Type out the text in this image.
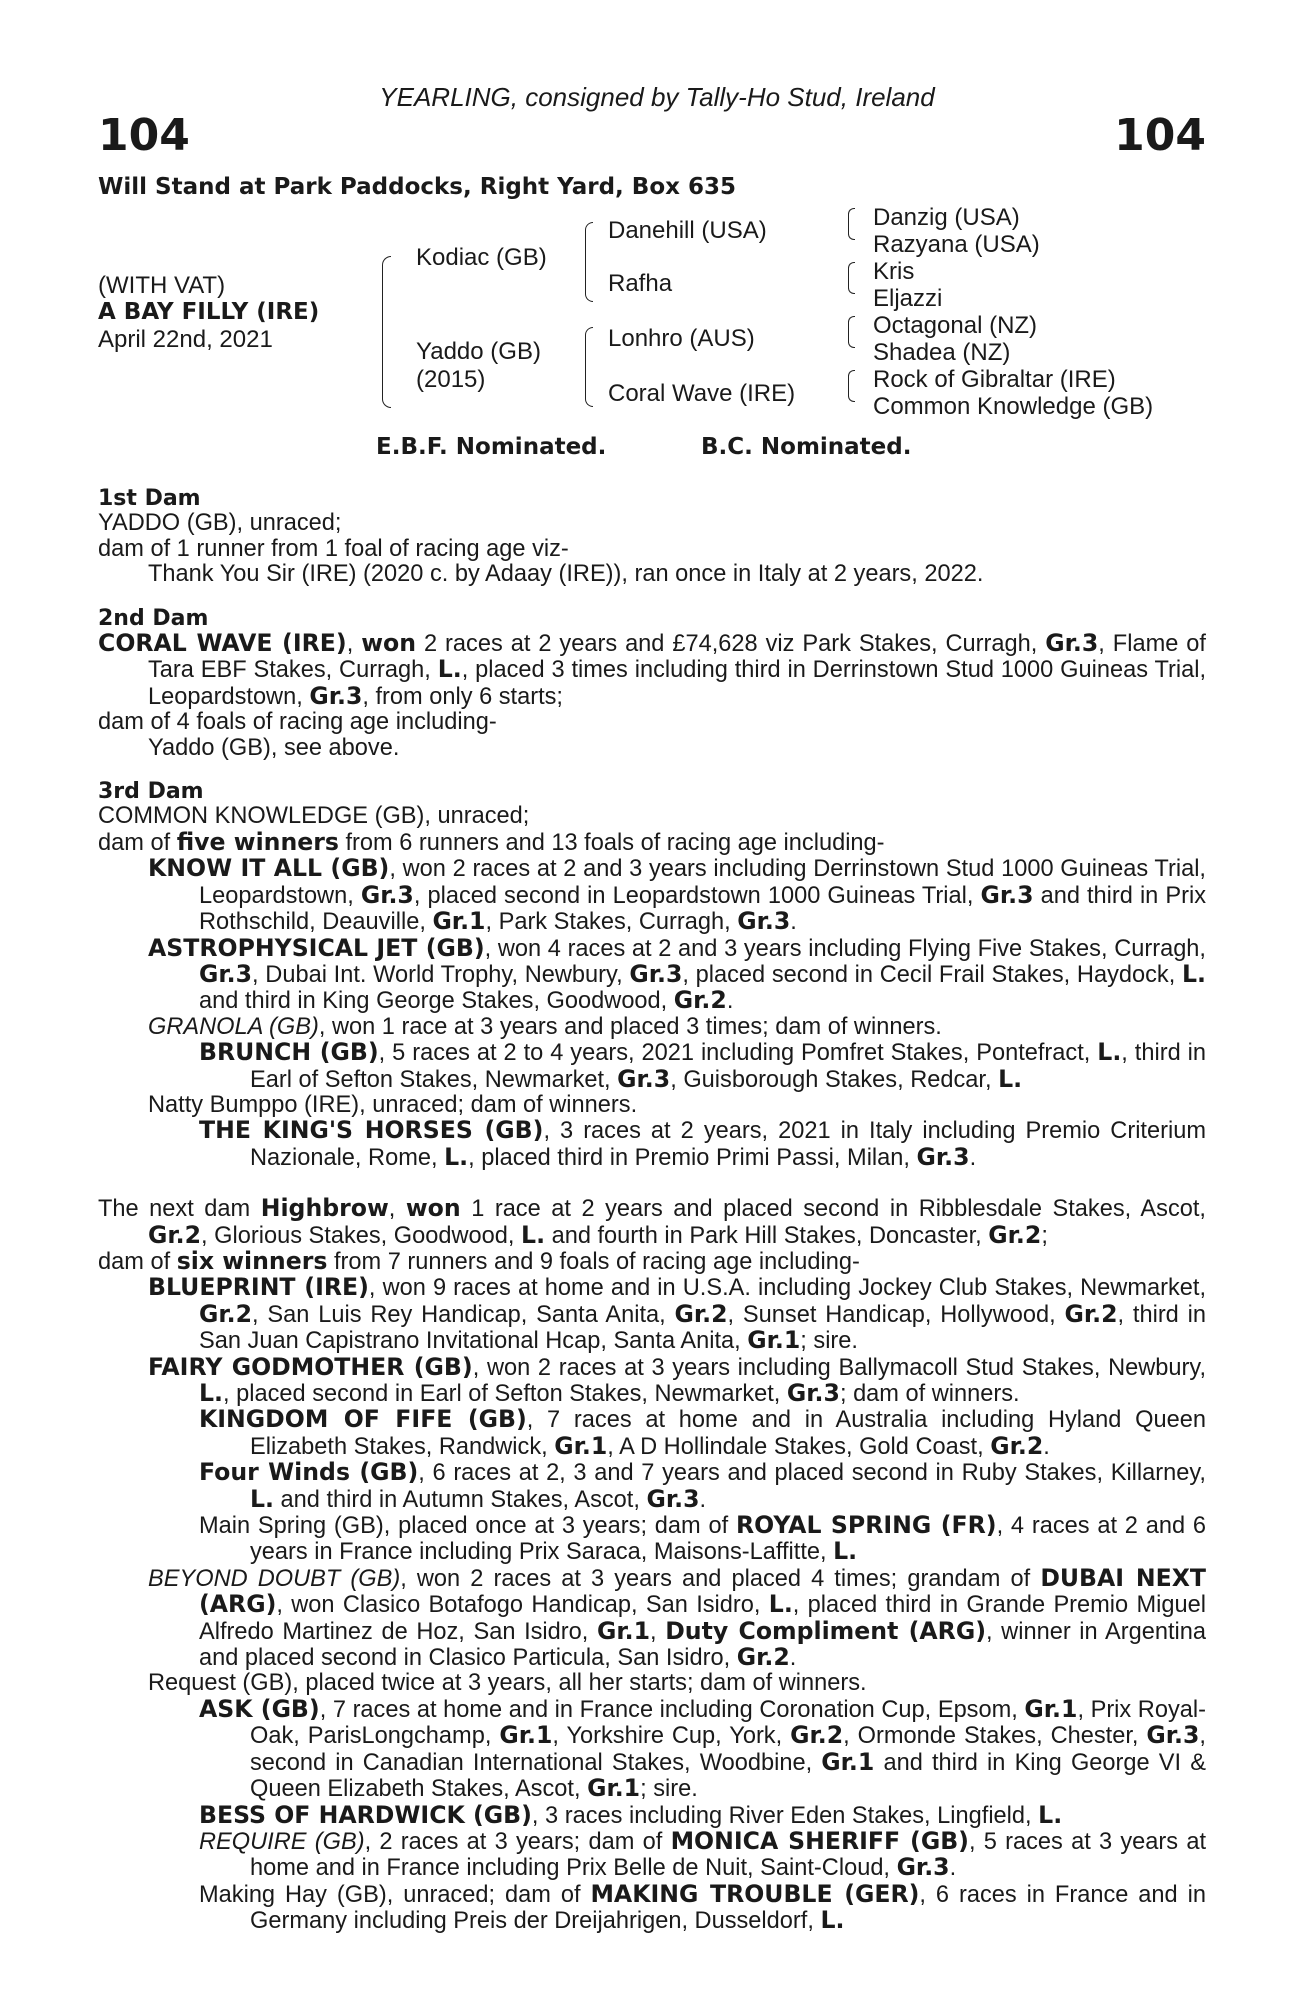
YEARLING, consigned by Tally-Ho Stud, Ireland
104	104
Will Stand at Park Paddocks, Right Yard, Box 635
(WITH VAT)
A BAY FILLY (IRE)
April 22nd, 2021
Kodiac (GB)
Yaddo (GB)
(2015)
Danehill (USA)
Rafha
Lonhro (AUS)
Coral Wave (IRE)
Danzig (USA)
Razyana (USA)
Kris
Eljazzi
Octagonal (NZ)
Shadea (NZ)
Rock of Gibraltar (IRE)
Common Knowledge (GB)
E.B.F. Nominated.	B.C. Nominated.
1st Dam
YADDO (GB), unraced;
dam of 1 runner from 1 foal of racing age viz-
Thank You Sir (IRE) (2020 c. by Adaay (IRE)), ran once in Italy at 2 years, 2022.
2nd Dam
CORAL WAVE (IRE), won 2 races at 2 years and £74,628 viz Park Stakes, Curragh, Gr.3, Flame of Tara EBF Stakes, Curragh, L., placed 3 times including third in Derrinstown Stud 1000 Guineas Trial, Leopardstown, Gr.3, from only 6 starts;
dam of 4 foals of racing age including-
Yaddo (GB), see above.
3rd Dam
COMMON KNOWLEDGE (GB), unraced;
dam of five winners from 6 runners and 13 foals of racing age including-
KNOW IT ALL (GB), won 2 races at 2 and 3 years including Derrinstown Stud 1000 Guineas Trial, Leopardstown, Gr.3, placed second in Leopardstown 1000 Guineas Trial, Gr.3 and third in Prix Rothschild, Deauville, Gr.1, Park Stakes, Curragh, Gr.3.
ASTROPHYSICAL JET (GB), won 4 races at 2 and 3 years including Flying Five Stakes, Curragh, Gr.3, Dubai Int. World Trophy, Newbury, Gr.3, placed second in Cecil Frail Stakes, Haydock, L. and third in King George Stakes, Goodwood, Gr.2.
GRANOLA (GB), won 1 race at 3 years and placed 3 times; dam of winners.
BRUNCH (GB), 5 races at 2 to 4 years, 2021 including Pomfret Stakes, Pontefract, L., third in Earl of Sefton Stakes, Newmarket, Gr.3, Guisborough Stakes, Redcar, L.
Natty Bumppo (IRE), unraced; dam of winners.
THE KING'S HORSES (GB), 3 races at 2 years, 2021 in Italy including Premio Criterium Nazionale, Rome, L., placed third in Premio Primi Passi, Milan, Gr.3.
The next dam Highbrow, won 1 race at 2 years and placed second in Ribblesdale Stakes, Ascot, Gr.2, Glorious Stakes, Goodwood, L. and fourth in Park Hill Stakes, Doncaster, Gr.2;
dam of six winners from 7 runners and 9 foals of racing age including-
BLUEPRINT (IRE), won 9 races at home and in U.S.A. including Jockey Club Stakes, Newmarket, Gr.2, San Luis Rey Handicap, Santa Anita, Gr.2, Sunset Handicap, Hollywood, Gr.2, third in San Juan Capistrano Invitational Hcap, Santa Anita, Gr.1; sire.
FAIRY GODMOTHER (GB), won 2 races at 3 years including Ballymacoll Stud Stakes, Newbury, L., placed second in Earl of Sefton Stakes, Newmarket, Gr.3; dam of winners.
KINGDOM OF FIFE (GB), 7 races at home and in Australia including Hyland Queen Elizabeth Stakes, Randwick, Gr.1, A D Hollindale Stakes, Gold Coast, Gr.2.
Four Winds (GB), 6 races at 2, 3 and 7 years and placed second in Ruby Stakes, Killarney, L. and third in Autumn Stakes, Ascot, Gr.3.
Main Spring (GB), placed once at 3 years; dam of ROYAL SPRING (FR), 4 races at 2 and 6 years in France including Prix Saraca, Maisons-Laffitte, L.
BEYOND DOUBT (GB), won 2 races at 3 years and placed 4 times; grandam of DUBAI NEXT (ARG), won Clasico Botafogo Handicap, San Isidro, L., placed third in Grande Premio Miguel Alfredo Martinez de Hoz, San Isidro, Gr.1, Duty Compliment (ARG), winner in Argentina and placed second in Clasico Particula, San Isidro, Gr.2.
Request (GB), placed twice at 3 years, all her starts; dam of winners.
ASK (GB), 7 races at home and in France including Coronation Cup, Epsom, Gr.1, Prix Royal-Oak, ParisLongchamp, Gr.1, Yorkshire Cup, York, Gr.2, Ormonde Stakes, Chester, Gr.3, second in Canadian International Stakes, Woodbine, Gr.1 and third in King George VI & Queen Elizabeth Stakes, Ascot, Gr.1; sire.
BESS OF HARDWICK (GB), 3 races including River Eden Stakes, Lingfield, L.
REQUIRE (GB), 2 races at 3 years; dam of MONICA SHERIFF (GB), 5 races at 3 years at home and in France including Prix Belle de Nuit, Saint-Cloud, Gr.3.
Making Hay (GB), unraced; dam of MAKING TROUBLE (GER), 6 races in France and in Germany including Preis der Dreijahrigen, Dusseldorf, L.
